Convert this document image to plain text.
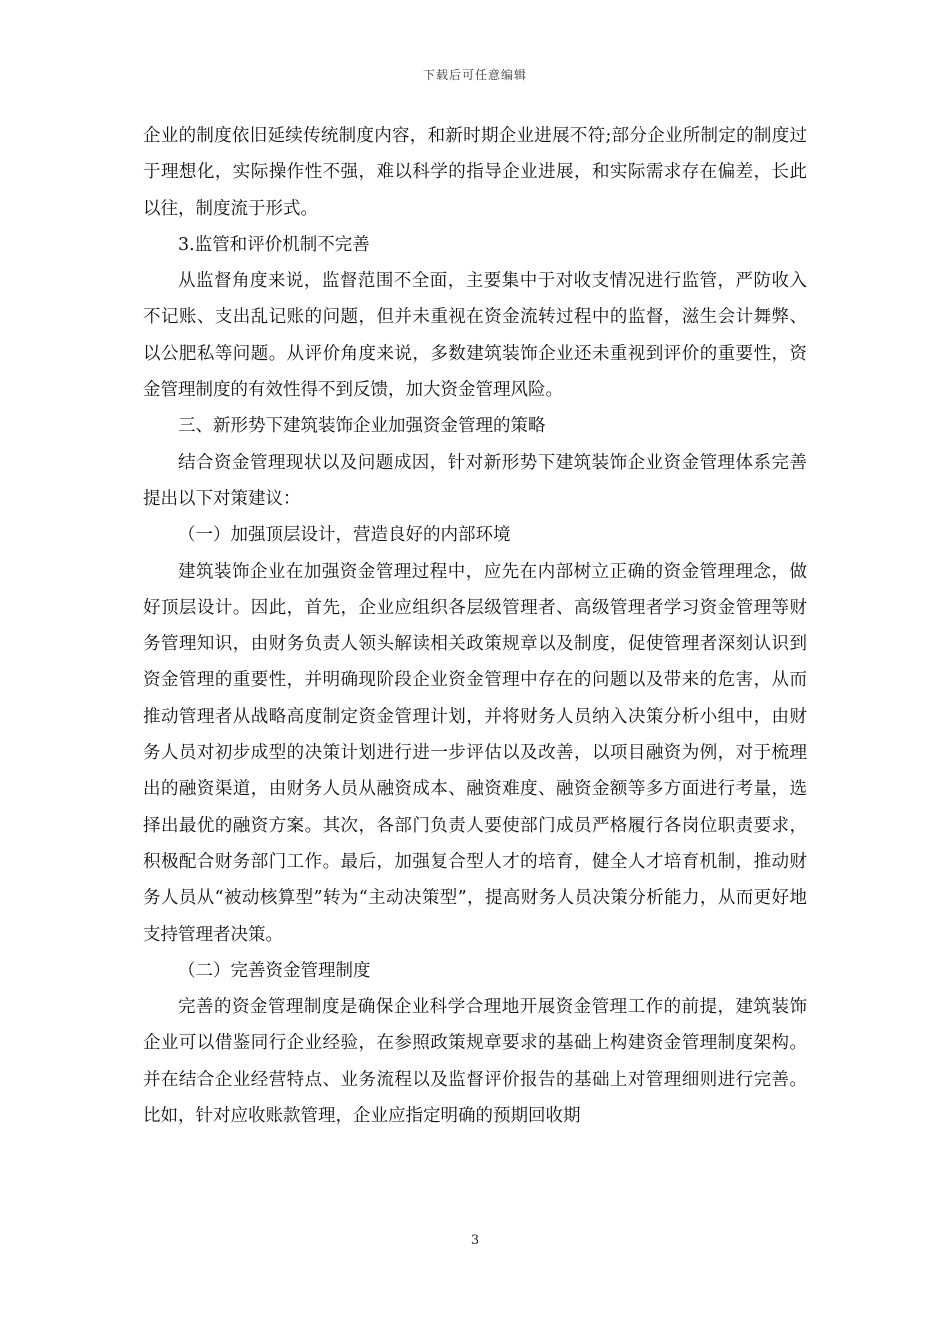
下载后可任意编辑

企业的制度依旧延续传统制度内容，和新时期企业进展不符;部分企业所制定的制度过于理想化，实际操作性不强，难以科学的指导企业进展，和实际需求存在偏差，长此以往，制度流于形式。

3.监管和评价机制不完善

从监督角度来说，监督范围不全面，主要集中于对收支情况进行监管，严防收入不记账、支出乱记账的问题，但并未重视在资金流转过程中的监督，滋生会计舞弊、以公肥私等问题。从评价角度来说，多数建筑装饰企业还未重视到评价的重要性，资金管理制度的有效性得不到反馈，加大资金管理风险。

三、新形势下建筑装饰企业加强资金管理的策略

结合资金管理现状以及问题成因，针对新形势下建筑装饰企业资金管理体系完善提出以下对策建议：

（一）加强顶层设计，营造良好的内部环境

建筑装饰企业在加强资金管理过程中，应先在内部树立正确的资金管理理念，做好顶层设计。因此，首先，企业应组织各层级管理者、高级管理者学习资金管理等财务管理知识，由财务负责人领头解读相关政策规章以及制度，促使管理者深刻认识到资金管理的重要性，并明确现阶段企业资金管理中存在的问题以及带来的危害，从而推动管理者从战略高度制定资金管理计划，并将财务人员纳入决策分析小组中，由财务人员对初步成型的决策计划进行进一步评估以及改善，以项目融资为例，对于梳理出的融资渠道，由财务人员从融资成本、融资难度、融资金额等多方面进行考量，选择出最优的融资方案。其次，各部门负责人要使部门成员严格履行各岗位职责要求，积极配合财务部门工作。最后，加强复合型人才的培育，健全人才培育机制，推动财务人员从“被动核算型”转为“主动决策型”，提高财务人员决策分析能力，从而更好地支持管理者决策。

（二）完善资金管理制度

完善的资金管理制度是确保企业科学合理地开展资金管理工作的前提，建筑装饰企业可以借鉴同行企业经验，在参照政策规章要求的基础上构建资金管理制度架构。并在结合企业经营特点、业务流程以及监督评价报告的基础上对管理细则进行完善。比如，针对应收账款管理，企业应指定明确的预期回收期

3
